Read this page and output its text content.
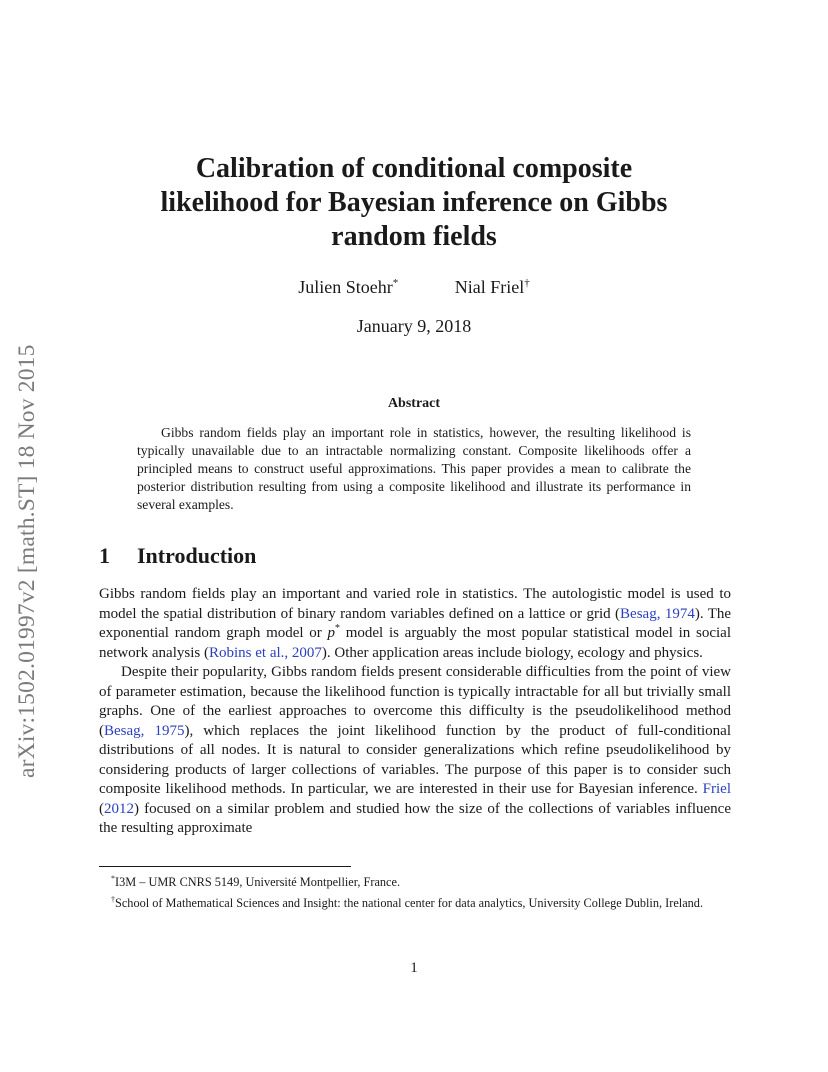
arXiv:1502.01997v2 [math.ST] 18 Nov 2015
Calibration of conditional composite
likelihood for Bayesian inference on Gibbs
random fields
Julien Stoehr*	Nial Friel†
January 9, 2018
Abstract

Gibbs random fields play an important role in statistics, however, the resulting likelihood is typically unavailable due to an intractable normalizing constant. Composite likelihoods offer a principled means to construct useful approximations. This paper provides a mean to calibrate the posterior distribution resulting from using a composite likelihood and illustrate its performance in several examples.

1 Introduction

Gibbs random fields play an important and varied role in statistics. The autologistic model is used to model the spatial distribution of binary random variables defined on a lattice or grid (Besag, 1974). The exponential random graph model or p* model is arguably the most popular statistical model in social network analysis (Robins et al., 2007). Other application areas include biology, ecology and physics.

Despite their popularity, Gibbs random fields present considerable difficulties from the point of view of parameter estimation, because the likelihood function is typically intractable for all but trivially small graphs. One of the earliest approaches to overcome this difficulty is the pseudolikelihood method (Besag, 1975), which replaces the joint likelihood function by the product of full-conditional distributions of all nodes. It is natural to consider generalizations which refine pseudolikelihood by considering products of larger collections of variables. The purpose of this paper is to consider such composite likelihood methods. In particular, we are interested in their use for Bayesian inference. Friel (2012) focused on a similar problem and studied how the size of the collections of variables influence the resulting approximate

*I3M – UMR CNRS 5149, Université Montpellier, France.

†School of Mathematical Sciences and Insight: the national center for data analytics, University College Dublin, Ireland.

1
